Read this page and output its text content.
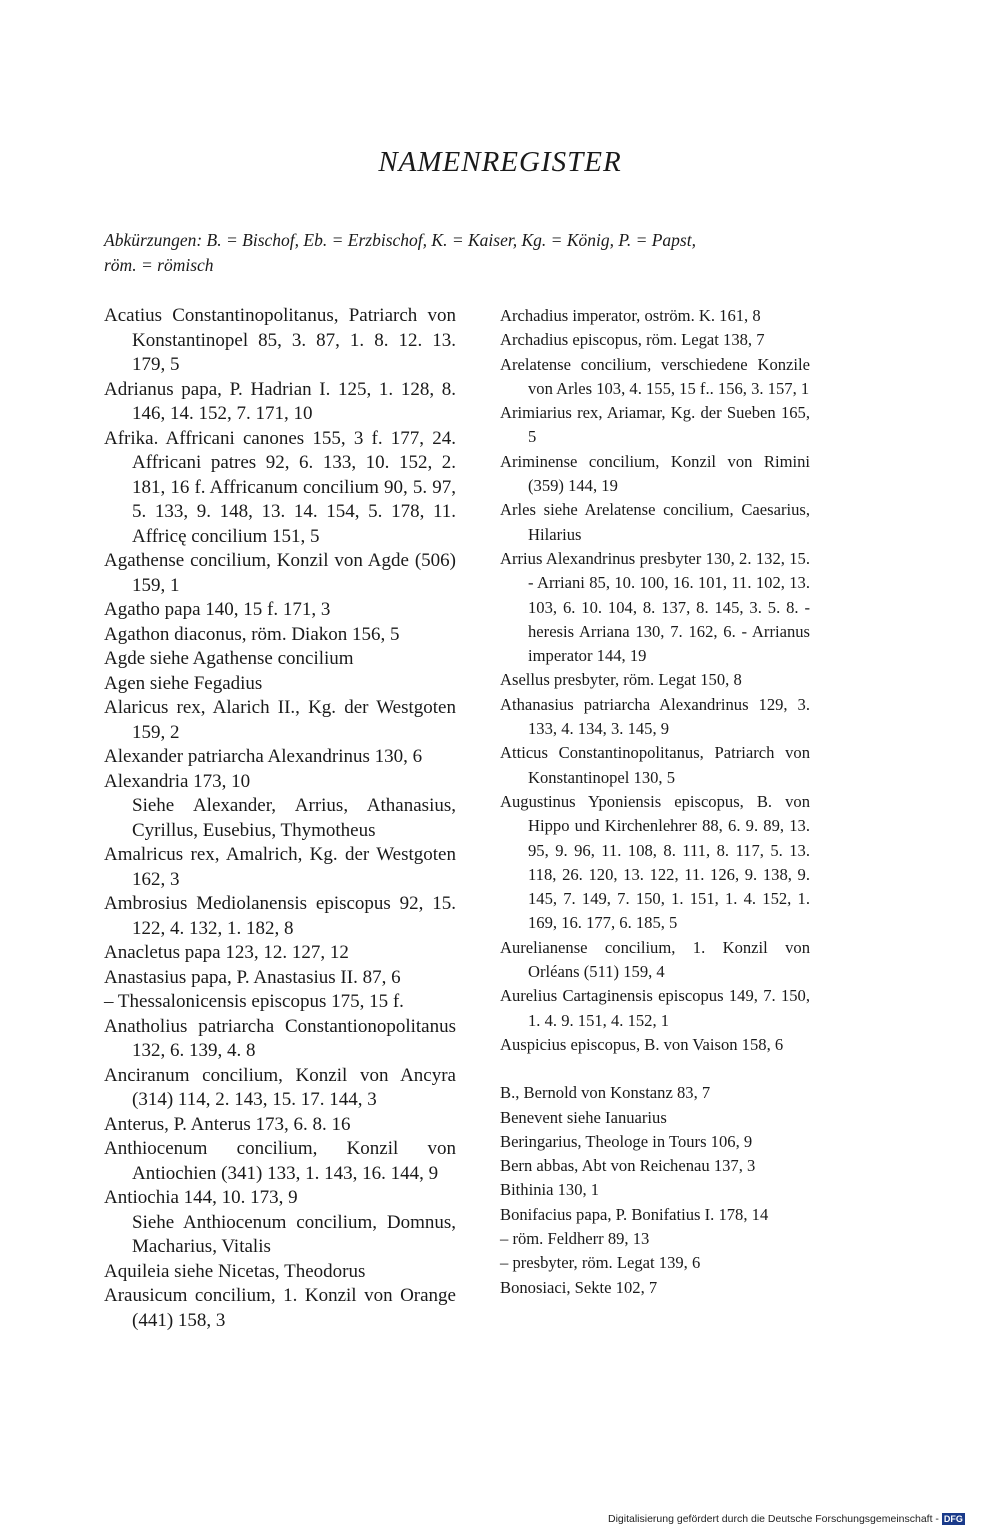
NAMENREGISTER
Abkürzungen: B. = Bischof, Eb. = Erzbischof, K. = Kaiser, Kg. = König, P. = Papst,
röm. = römisch
Acatius Constantinopolitanus, Patriarch von Konstantinopel 85, 3. 87, 1. 8. 12. 13. 179, 5
Adrianus papa, P. Hadrian I. 125, 1. 128, 8. 146, 14. 152, 7. 171, 10
Afrika. Affricani canones 155, 3 f. 177, 24. Affricani patres 92, 6. 133, 10. 152, 2. 181, 16 f. Affricanum concilium 90, 5. 97, 5. 133, 9. 148, 13. 14. 154, 5. 178, 11. Affricę concilium 151, 5
Agathense concilium, Konzil von Agde (506) 159, 1
Agatho papa 140, 15 f. 171, 3
Agathon diaconus, röm. Diakon 156, 5
Agde siehe Agathense concilium
Agen siehe Fegadius
Alaricus rex, Alarich II., Kg. der Westgoten 159, 2
Alexander patriarcha Alexandrinus 130, 6
Alexandria 173, 10
Siehe Alexander, Arrius, Athanasius, Cyrillus, Eusebius, Thymotheus
Amalricus rex, Amalrich, Kg. der Westgoten 162, 3
Ambrosius Mediolanensis episcopus 92, 15. 122, 4. 132, 1. 182, 8
Anacletus papa 123, 12. 127, 12
Anastasius papa, P. Anastasius II. 87, 6
– Thessalonicensis episcopus 175, 15 f.
Anatholius patriarcha Constantionopolitanus 132, 6. 139, 4. 8
Anciranum concilium, Konzil von Ancyra (314) 114, 2. 143, 15. 17. 144, 3
Anterus, P. Anterus 173, 6. 8. 16
Anthiocenum concilium, Konzil von Antiochien (341) 133, 1. 143, 16. 144, 9
Antiochia 144, 10. 173, 9
Siehe Anthiocenum concilium, Domnus, Macharius, Vitalis
Aquileia siehe Nicetas, Theodorus
Arausicum concilium, 1. Konzil von Orange (441) 158, 3
Archadius imperator, oström. K. 161, 8
Archadius episcopus, röm. Legat 138, 7
Arelatense concilium, verschiedene Konzile von Arles 103, 4. 155, 15 f.. 156, 3. 157, 1
Arimiarius rex, Ariamar, Kg. der Sueben 165, 5
Ariminense concilium, Konzil von Rimini (359) 144, 19
Arles siehe Arelatense concilium, Caesarius, Hilarius
Arrius Alexandrinus presbyter 130, 2. 132, 15. - Arriani 85, 10. 100, 16. 101, 11. 102, 13. 103, 6. 10. 104, 8. 137, 8. 145, 3. 5. 8. - heresis Arriana 130, 7. 162, 6. - Arrianus imperator 144, 19
Asellus presbyter, röm. Legat 150, 8
Athanasius patriarcha Alexandrinus 129, 3. 133, 4. 134, 3. 145, 9
Atticus Constantinopolitanus, Patriarch von Konstantinopel 130, 5
Augustinus Yponiensis episcopus, B. von Hippo und Kirchenlehrer 88, 6. 9. 89, 13. 95, 9. 96, 11. 108, 8. 111, 8. 117, 5. 13. 118, 26. 120, 13. 122, 11. 126, 9. 138, 9. 145, 7. 149, 7. 150, 1. 151, 1. 4. 152, 1. 169, 16. 177, 6. 185, 5
Aurelianense concilium, 1. Konzil von Orléans (511) 159, 4
Aurelius Cartaginensis episcopus 149, 7. 150, 1. 4. 9. 151, 4. 152, 1
Auspicius episcopus, B. von Vaison 158, 6
B., Bernold von Konstanz 83, 7
Benevent siehe Ianuarius
Beringarius, Theologe in Tours 106, 9
Bern abbas, Abt von Reichenau 137, 3
Bithinia 130, 1
Bonifacius papa, P. Bonifatius I. 178, 14
– röm. Feldherr 89, 13
– presbyter, röm. Legat 139, 6
Bonosiaci, Sekte 102, 7
Digitalisierung gefördert durch die Deutsche Forschungsgemeinschaft - DFG
